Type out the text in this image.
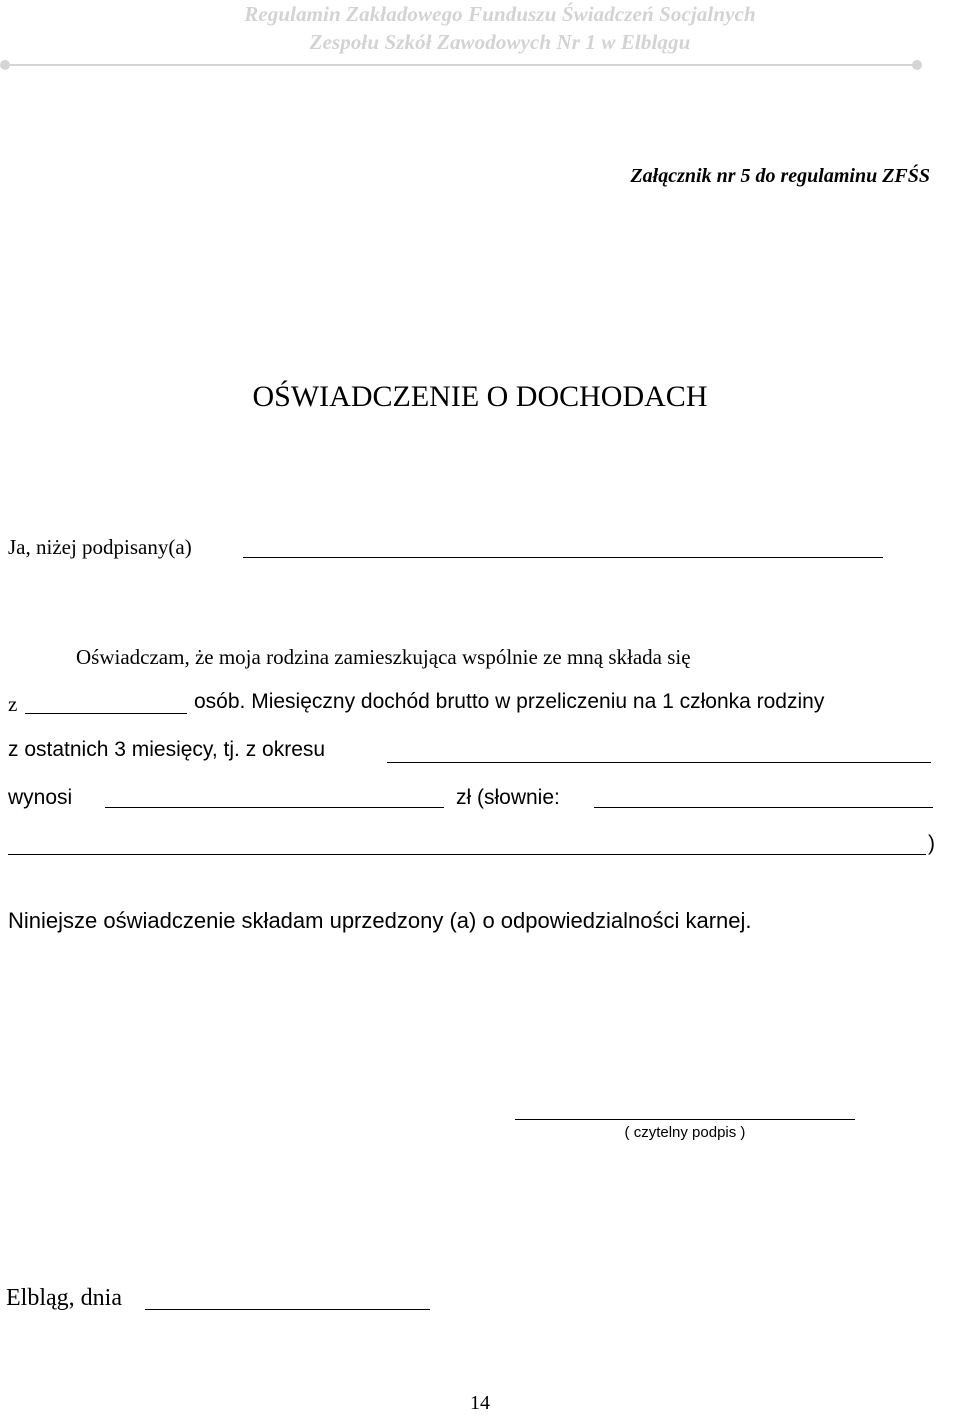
Regulamin Zakładowego Funduszu Świadczeń Socjalnych
Zespołu Szkół Zawodowych Nr 1 w Elblągu
Załącznik nr 5 do regulaminu ZFŚS
OŚWIADCZENIE O DOCHODACH
Ja, niżej podpisany(a)
Oświadczam, że moja rodzina zamieszkująca wspólnie ze mną składa się
z	osób. Miesięczny dochód brutto w przeliczeniu na 1 członka rodziny
z ostatnich 3 miesięcy, tj. z okresu
wynosi	zł (słownie:
)
Niniejsze oświadczenie składam uprzedzony (a) o odpowiedzialności karnej.
( czytelny podpis )
Elbląg, dnia
14
